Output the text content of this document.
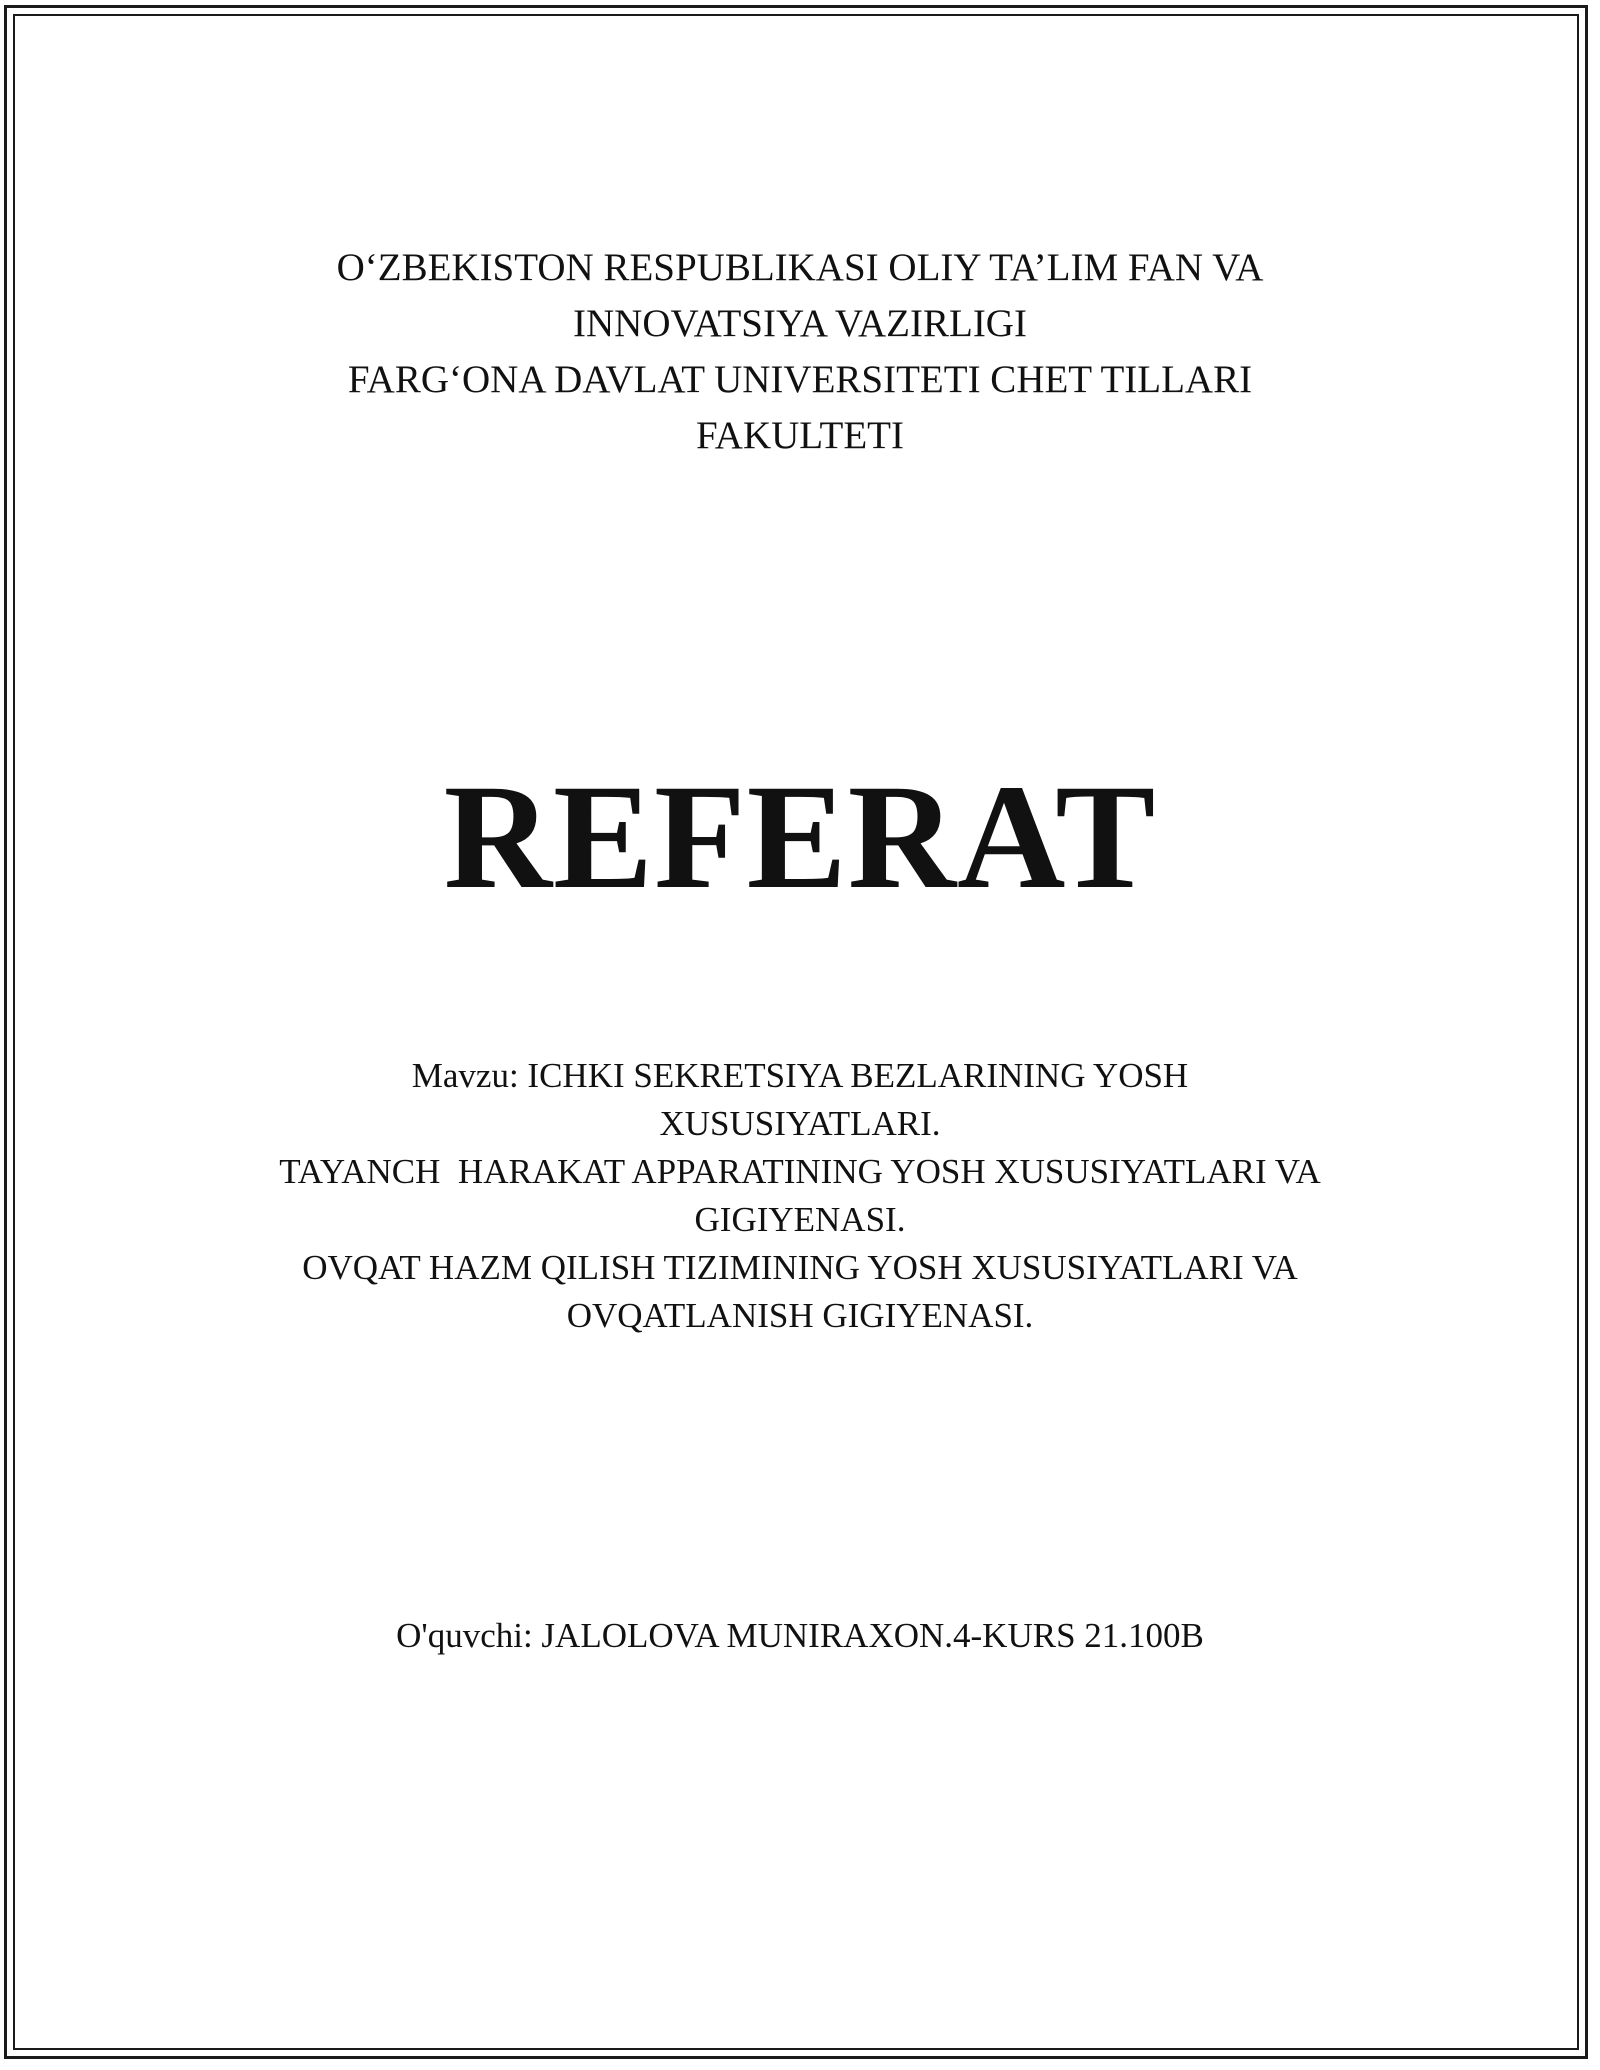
O‘ZBEKISTON RESPUBLIKASI OLIY TA’LIM FAN VA
INNOVATSIYA VAZIRLIGI
FARG‘ONA DAVLAT UNIVERSITETI CHET TILLARI
FAKULTETI
REFERAT
Mavzu: ICHKI SEKRETSIYA BEZLARINING YOSH
XUSUSIYATLARI.
TAYANCH  HARAKAT APPARATINING YOSH XUSUSIYATLARI VA
GIGIYENASI.
OVQAT HAZM QILISH TIZIMINING YOSH XUSUSIYATLARI VA
OVQATLANISH GIGIYENASI.
O'quvchi: JALOLOVA MUNIRAXON.4-KURS 21.100B
